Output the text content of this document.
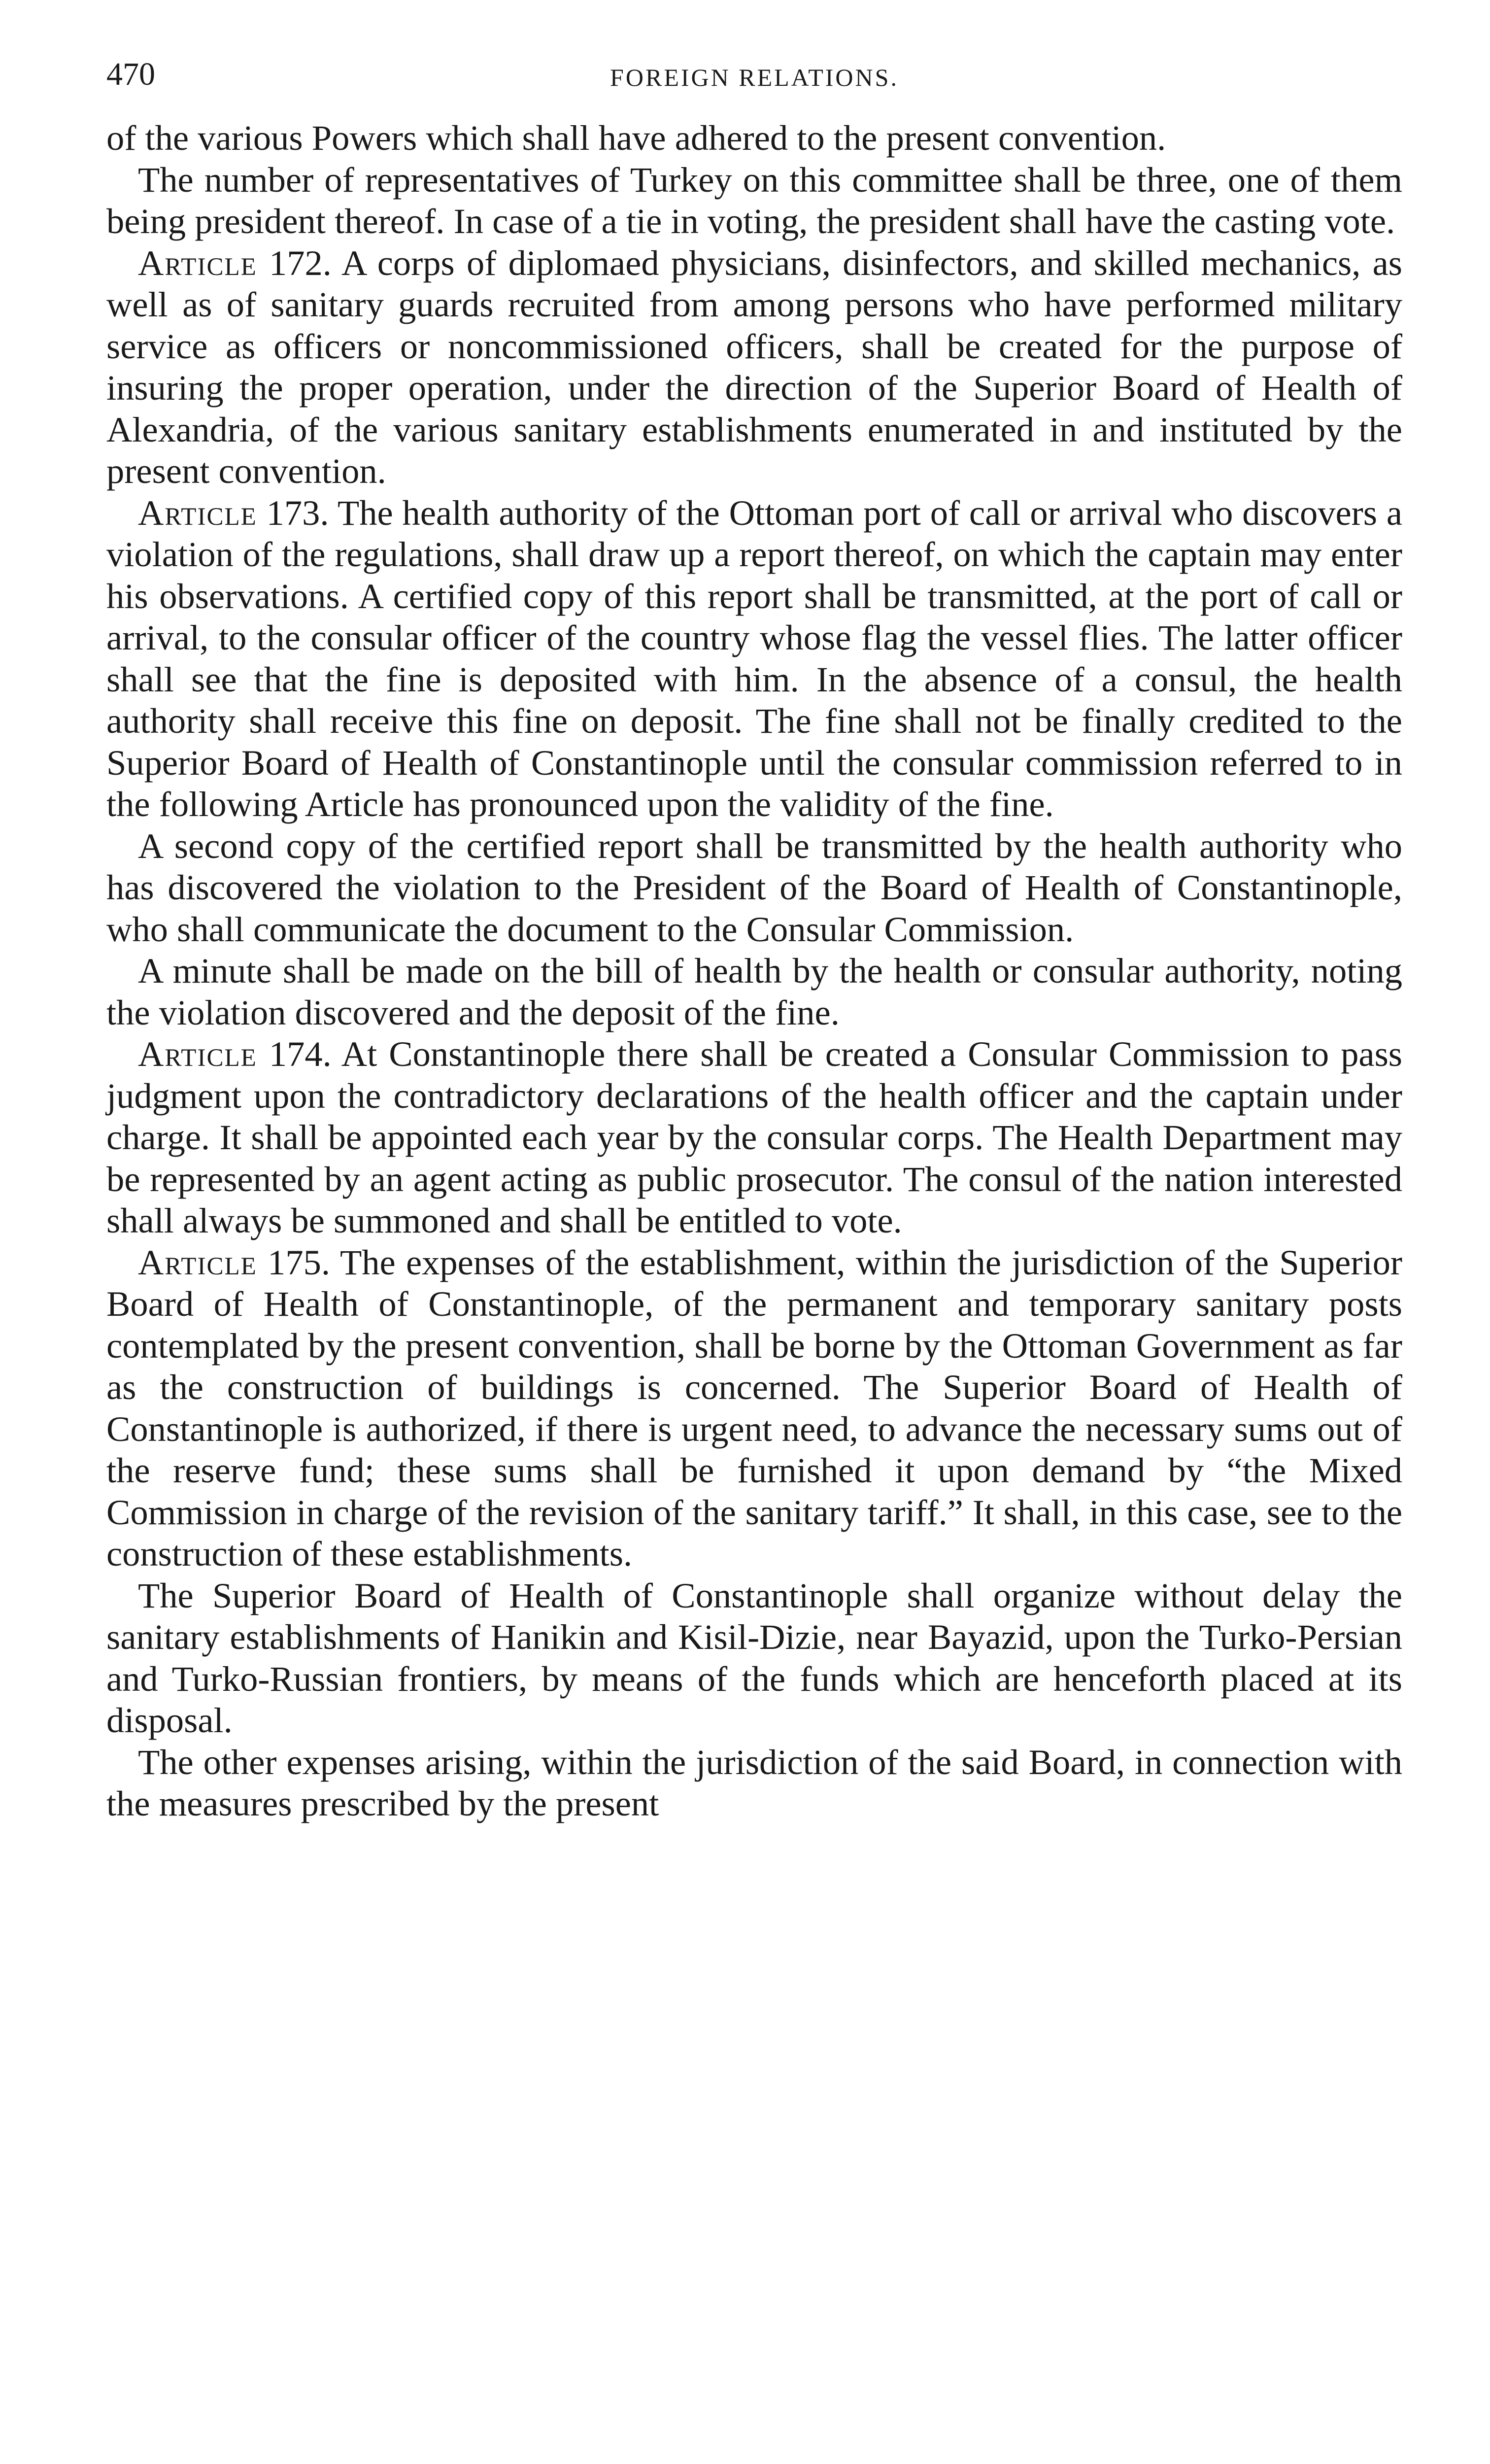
470	FOREIGN RELATIONS.

of the various Powers which shall have adhered to the present convention.

The number of representatives of Turkey on this committee shall be three, one of them being president thereof. In case of a tie in voting, the president shall have the casting vote.

Article 172. A corps of diplomaed physicians, disinfectors, and skilled mechanics, as well as of sanitary guards recruited from among persons who have performed military service as officers or noncommissioned officers, shall be created for the purpose of insuring the proper operation, under the direction of the Superior Board of Health of Alexandria, of the various sanitary establishments enumerated in and instituted by the present convention.

Article 173. The health authority of the Ottoman port of call or arrival who discovers a violation of the regulations, shall draw up a report thereof, on which the captain may enter his observations. A certified copy of this report shall be transmitted, at the port of call or arrival, to the consular officer of the country whose flag the vessel flies. The latter officer shall see that the fine is deposited with him. In the absence of a consul, the health authority shall receive this fine on deposit. The fine shall not be finally credited to the Superior Board of Health of Constantinople until the consular commission referred to in the following Article has pronounced upon the validity of the fine.

A second copy of the certified report shall be transmitted by the health authority who has discovered the violation to the President of the Board of Health of Constantinople, who shall communicate the document to the Consular Commission.

A minute shall be made on the bill of health by the health or consular authority, noting the violation discovered and the deposit of the fine.

Article 174. At Constantinople there shall be created a Consular Commission to pass judgment upon the contradictory declarations of the health officer and the captain under charge. It shall be appointed each year by the consular corps. The Health Department may be represented by an agent acting as public prosecutor. The consul of the nation interested shall always be summoned and shall be entitled to vote.

Article 175. The expenses of the establishment, within the jurisdiction of the Superior Board of Health of Constantinople, of the permanent and temporary sanitary posts contemplated by the present convention, shall be borne by the Ottoman Government as far as the construction of buildings is concerned. The Superior Board of Health of Constantinople is authorized, if there is urgent need, to advance the necessary sums out of the reserve fund; these sums shall be furnished it upon demand by “the Mixed Commission in charge of the revision of the sanitary tariff.” It shall, in this case, see to the construction of these establishments.

The Superior Board of Health of Constantinople shall organize without delay the sanitary establishments of Hanikin and Kisil-Dizie, near Bayazid, upon the Turko-Persian and Turko-Russian frontiers, by means of the funds which are henceforth placed at its disposal.

The other expenses arising, within the jurisdiction of the said Board, in connection with the measures prescribed by the present
